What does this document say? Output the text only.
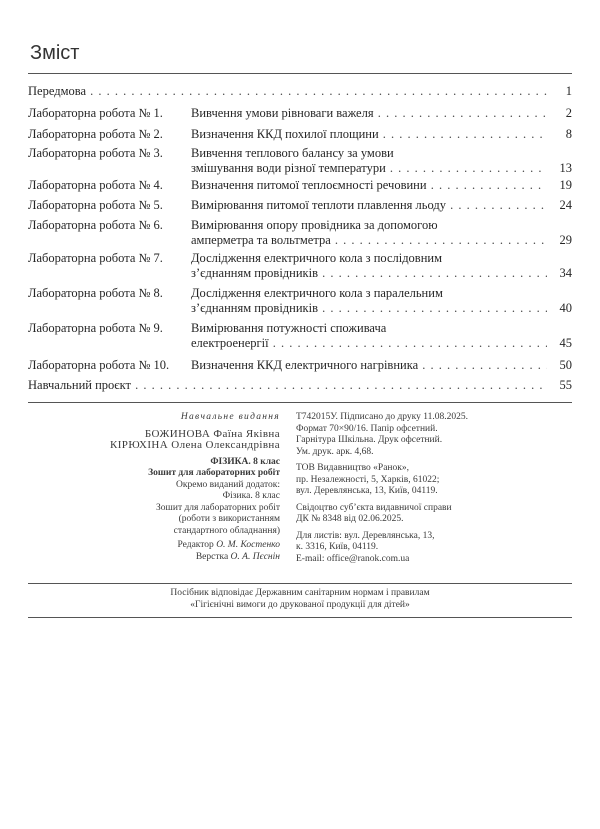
Зміст
Передмова . . .	1
Лабораторна робота № 1. Вивчення умови рівноваги важеля . . .	2
Лабораторна робота № 2. Визначення ККД похилої площини . . .	8
Лабораторна робота № 3. Вивчення теплового балансу за умови
змішування води різної температури . . .	13
Лабораторна робота № 4. Визначення питомої теплоємності речовини . . .	19
Лабораторна робота № 5. Вимірювання питомої теплоти плавлення льоду . . .	24
Лабораторна робота № 6. Вимірювання опору провідника за допомогою
амперметра та вольтметра . . .	29
Лабораторна робота № 7. Дослідження електричного кола з послідовним
з’єднанням провідників . . .	34
Лабораторна робота № 8. Дослідження електричного кола з паралельним
з’єднанням провідників . . .	40
Лабораторна робота № 9. Вимірювання потужності споживача
електроенергії . . .	45
Лабораторна робота № 10. Визначення ККД електричного нагрівника . . .	50
Навчальний проєкт . . .	55
Навчальне видання
БОЖИНОВА Фаїна Яківна
КІРЮХІНА Олена Олександрівна
ФІЗИКА. 8 клас
Зошит для лабораторних робіт
Окремо виданий додаток:
Фізика. 8 клас
Зошит для лабораторних робіт
(роботи з використанням
стандартного обладнання)
Редактор О. М. Костенко
Верстка О. А. Пєснін
Т742015У. Підписано до друку 11.08.2025.
Формат 70×90/16. Папір офсетний.
Гарнітура Шкільна. Друк офсетний.
Ум. друк. арк. 4,68.
ТОВ Видавництво «Ранок»,
пр. Незалежності, 5, Харків, 61022;
вул. Деревлянська, 13, Київ, 04119.
Свідоцтво суб’єкта видавничої справи
ДК № 8348 від 02.06.2025.
Для листів: вул. Деревлянська, 13,
к. 3316, Київ, 04119.
E-mail: office@ranok.com.ua
Посібник відповідає Державним санітарним нормам і правилам
«Гігієнічні вимоги до друкованої продукції для дітей»
